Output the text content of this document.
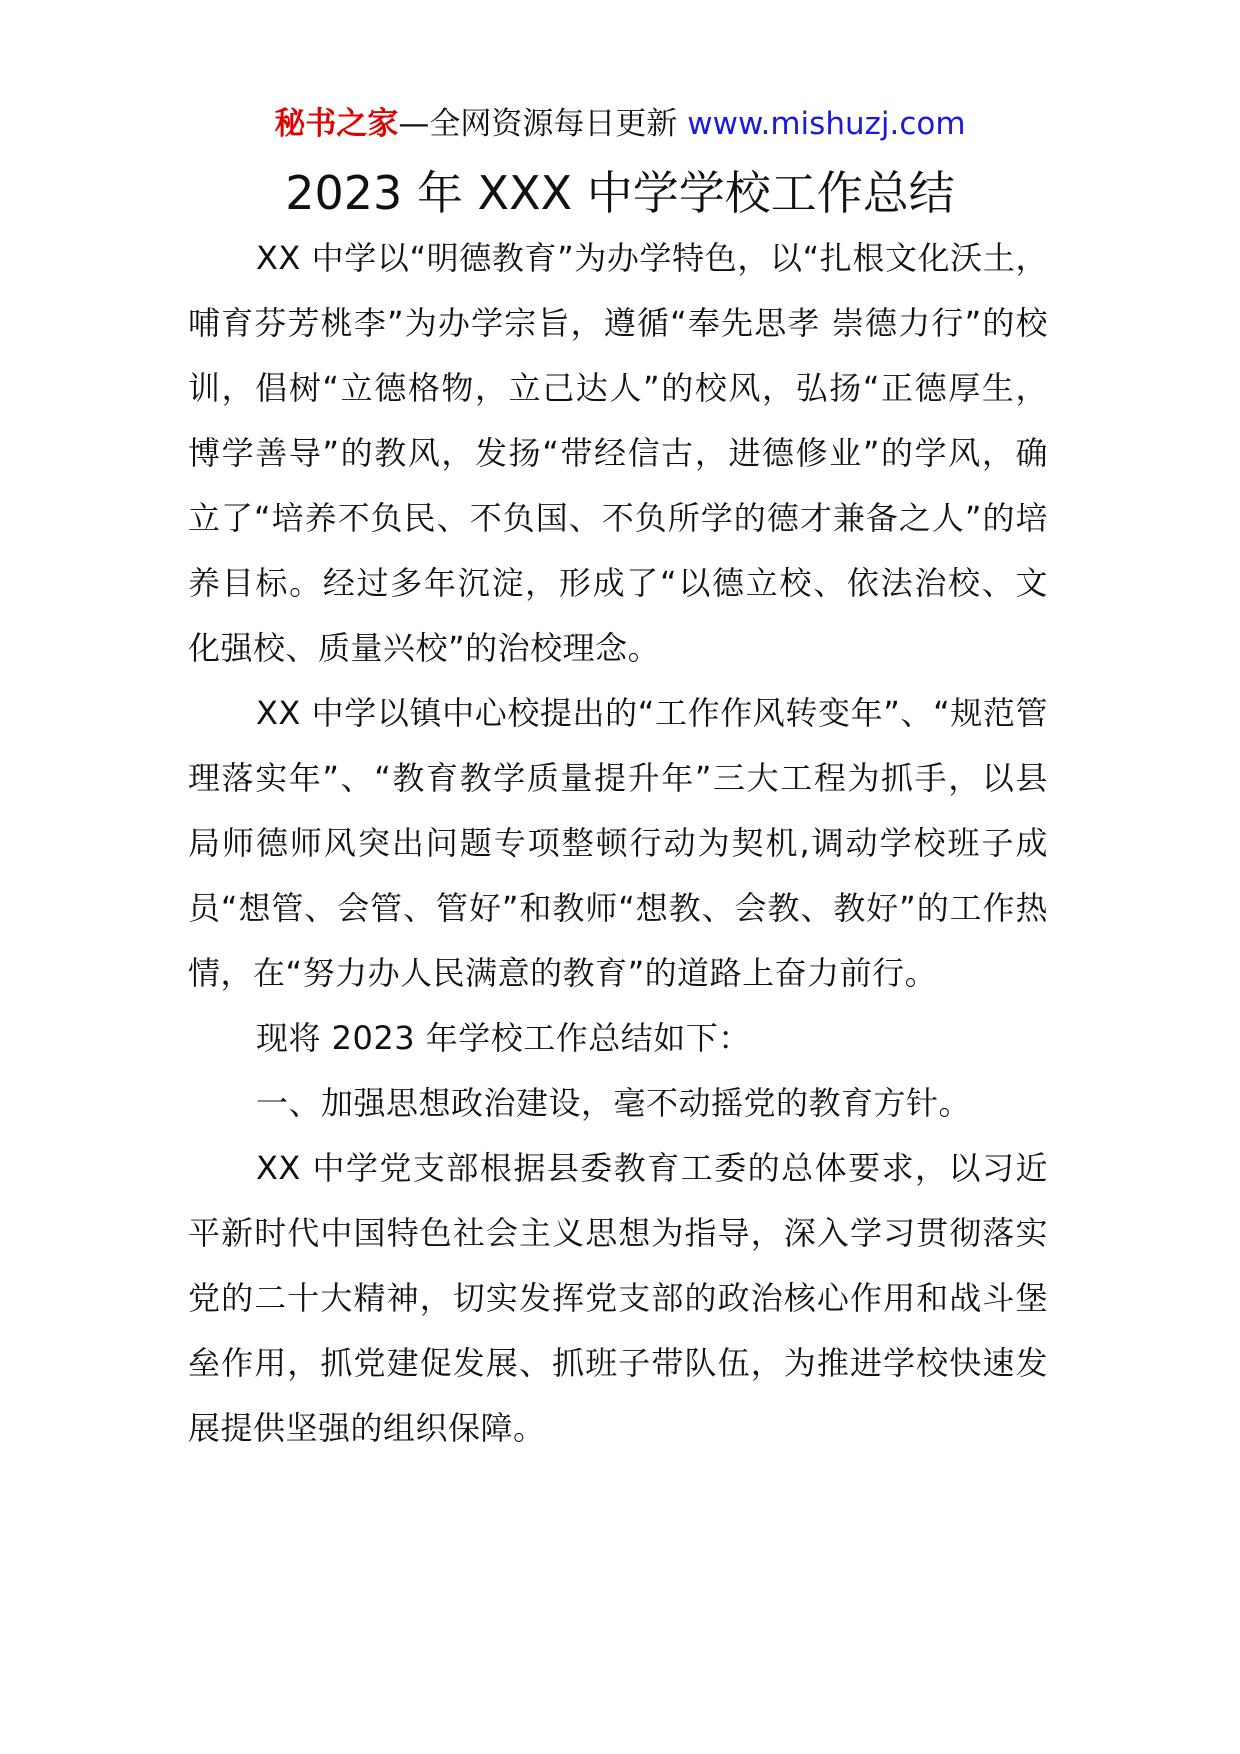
秘书之家—全网资源每日更新 www.mishuzj.com
2023 年 XXX 中学学校工作总结

XX 中学以“明德教育”为办学特色，以“扎根文化沃土，哺育芬芳桃李”为办学宗旨，遵循“奉先思孝 崇德力行”的校训，倡树“立德格物，立己达人”的校风，弘扬“正德厚生，博学善导”的教风，发扬“带经信古，进德修业”的学风，确立了“培养不负民、不负国、不负所学的德才兼备之人”的培养目标。经过多年沉淀，形成了“以德立校、依法治校、文化强校、质量兴校”的治校理念。

XX 中学以镇中心校提出的“工作作风转变年”、“规范管理落实年”、“教育教学质量提升年”三大工程为抓手，以县局师德师风突出问题专项整顿行动为契机,调动学校班子成员“想管、会管、管好”和教师“想教、会教、教好”的工作热情，在“努力办人民满意的教育”的道路上奋力前行。

现将 2023 年学校工作总结如下：

一、加强思想政治建设，毫不动摇党的教育方针。

XX 中学党支部根据县委教育工委的总体要求，以习近平新时代中国特色社会主义思想为指导，深入学习贯彻落实党的二十大精神，切实发挥党支部的政治核心作用和战斗堡垒作用，抓党建促发展、抓班子带队伍，为推进学校快速发展提供坚强的组织保障。
